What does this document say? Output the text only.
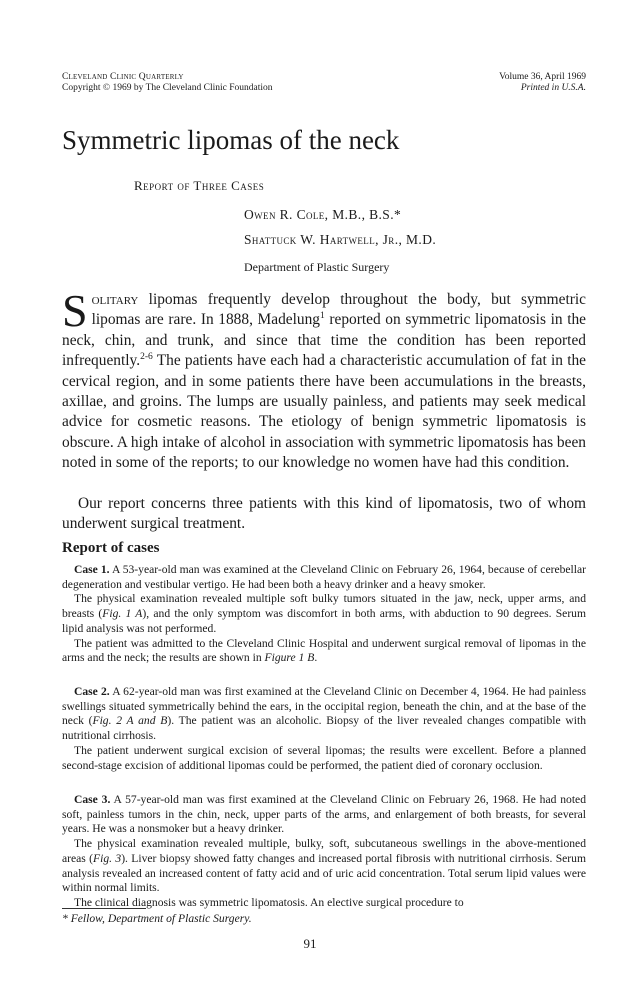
Cleveland Clinic Quarterly
Copyright © 1969 by The Cleveland Clinic Foundation
Volume 36, April 1969
Printed in U.S.A.
Symmetric lipomas of the neck
Report of Three Cases
Owen R. Cole, M.B., B.S.*
Shattuck W. Hartwell, Jr., M.D.
Department of Plastic Surgery
Solitary lipomas frequently develop throughout the body, but symmetric lipomas are rare. In 1888, Madelung$^1$ reported on symmetric lipomatosis in the neck, chin, and trunk, and since that time the condition has been reported infrequently.$^{2-6}$ The patients have each had a characteristic accumulation of fat in the cervical region, and in some patients there have been accumulations in the breasts, axillae, and groins. The lumps are usually painless, and patients may seek medical advice for cosmetic reasons. The etiology of benign symmetric lipomatosis is obscure. A high intake of alcohol in association with symmetric lipomatosis has been noted in some of the reports; to our knowledge no women have had this condition.
Our report concerns three patients with this kind of lipomatosis, two of whom underwent surgical treatment.
Report of cases

Case 1. A 53-year-old man was examined at the Cleveland Clinic on February 26, 1964, because of cerebellar degeneration and vestibular vertigo. He had been both a heavy drinker and a heavy smoker.

The physical examination revealed multiple soft bulky tumors situated in the jaw, neck, upper arms, and breasts (Fig. 1 A), and the only symptom was discomfort in both arms, with abduction to 90 degrees. Serum lipid analysis was not performed.

The patient was admitted to the Cleveland Clinic Hospital and underwent surgical removal of lipomas in the arms and the neck; the results are shown in Figure 1 B.

Case 2. A 62-year-old man was first examined at the Cleveland Clinic on December 4, 1964. He had painless swellings situated symmetrically behind the ears, in the occipital region, beneath the chin, and at the base of the neck (Fig. 2 A and B). The patient was an alcoholic. Biopsy of the liver revealed changes compatible with nutritional cirrhosis.

The patient underwent surgical excision of several lipomas; the results were excellent. Before a planned second-stage excision of additional lipomas could be performed, the patient died of coronary occlusion.

Case 3. A 57-year-old man was first examined at the Cleveland Clinic on February 26, 1968. He had noted soft, painless tumors in the chin, neck, upper parts of the arms, and enlargement of both breasts, for several years. He was a nonsmoker but a heavy drinker.

The physical examination revealed multiple, bulky, soft, subcutaneous swellings in the above-mentioned areas (Fig. 3). Liver biopsy showed fatty changes and increased portal fibrosis with nutritional cirrhosis. Serum analysis revealed an increased content of fatty acid and of uric acid concentration. Total serum lipid values were within normal limits.

The clinical diagnosis was symmetric lipomatosis. An elective surgical procedure to

* Fellow, Department of Plastic Surgery.
91
